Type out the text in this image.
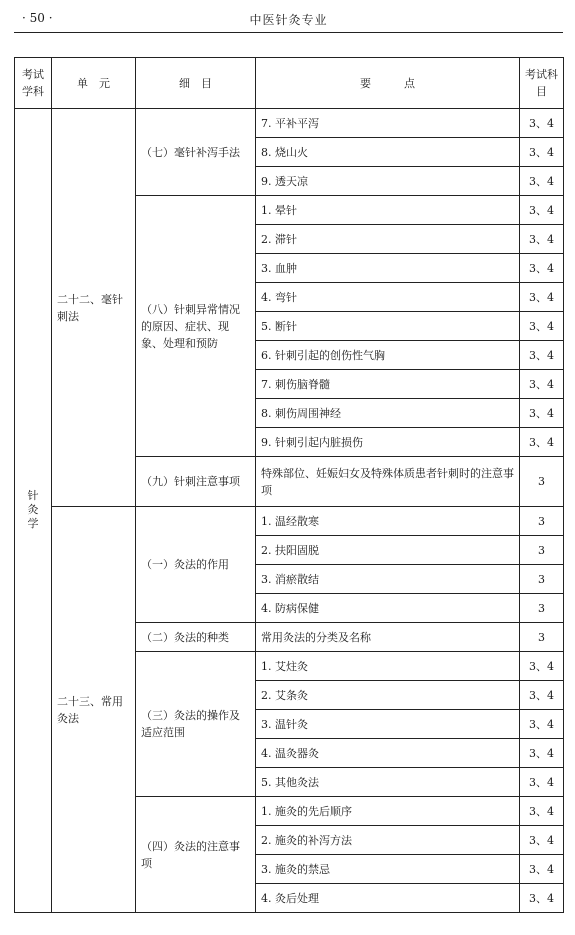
· 50 ·	中医针灸专业
考试学科	单　元	细　目	要　　　点	考试科目
针灸学	二十二、毫针刺法	（七）毫针补泻手法	7. 平补平泻	3、4
			8. 烧山火	3、4
			9. 透天凉	3、4
		（八）针刺异常情况的原因、症状、现象、处理和预防	1. 晕针	3、4
			2. 滞针	3、4
			3. 血肿	3、4
			4. 弯针	3、4
			5. 断针	3、4
			6. 针刺引起的创伤性气胸	3、4
			7. 刺伤脑脊髓	3、4
			8. 刺伤周围神经	3、4
			9. 针刺引起内脏损伤	3、4
		（九）针刺注意事项	特殊部位、妊娠妇女及特殊体质患者针刺时的注意事项	3
	二十三、常用灸法	（一）灸法的作用	1. 温经散寒	3
			2. 扶阳固脱	3
			3. 消瘀散结	3
			4. 防病保健	3
		（二）灸法的种类	常用灸法的分类及名称	3
		（三）灸法的操作及适应范围	1. 艾炷灸	3、4
			2. 艾条灸	3、4
			3. 温针灸	3、4
			4. 温灸器灸	3、4
			5. 其他灸法	3、4
		（四）灸法的注意事项	1. 施灸的先后顺序	3、4
			2. 施灸的补泻方法	3、4
			3. 施灸的禁忌	3、4
			4. 灸后处理	3、4
